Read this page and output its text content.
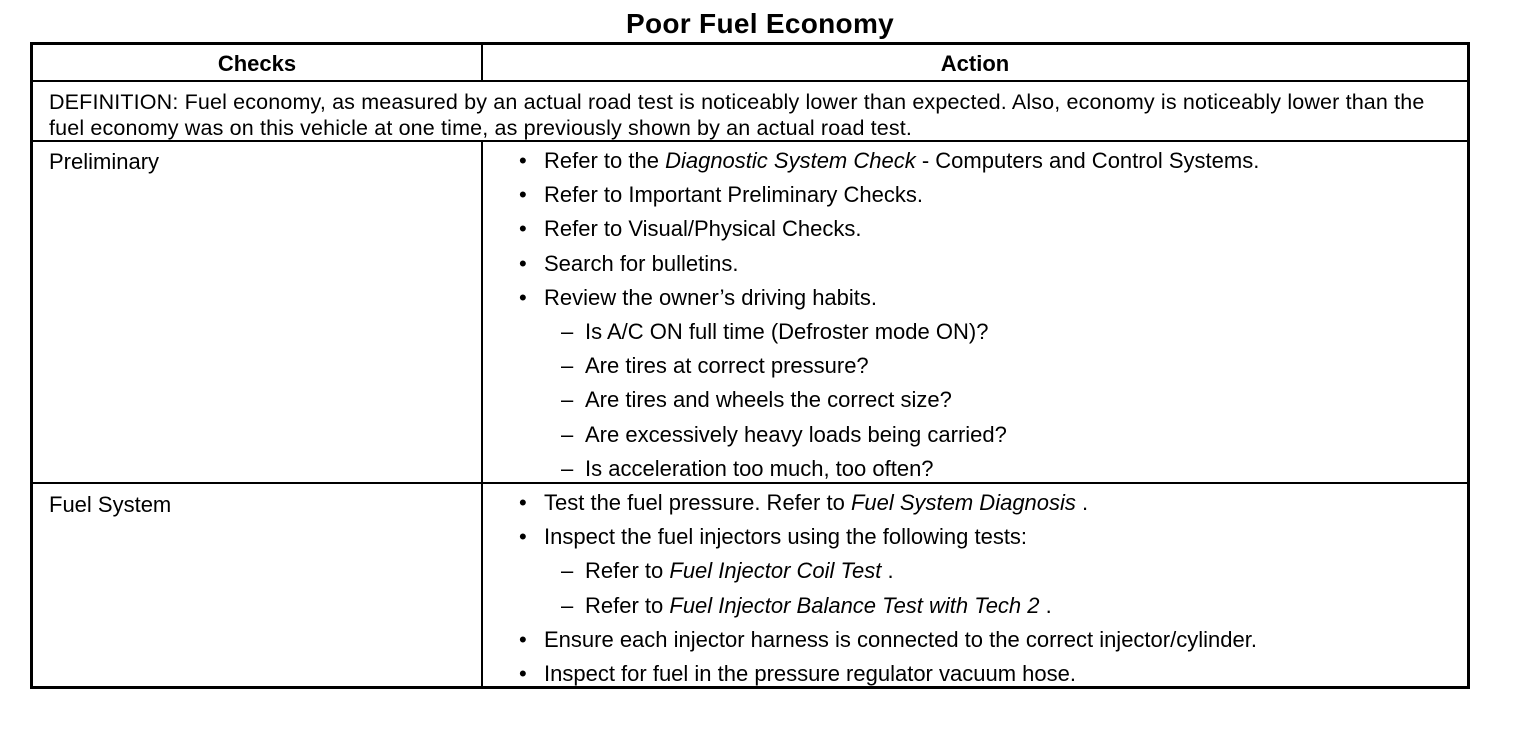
Poor Fuel Economy
Checks	Action
DEFINITION: Fuel economy, as measured by an actual road test is noticeably lower than expected. Also, economy is noticeably lower than the fuel economy was on this vehicle at one time, as previously shown by an actual road test.
Preliminary	• Refer to the Diagnostic System Check - Computers and Control Systems.
• Refer to Important Preliminary Checks.
• Refer to Visual/Physical Checks.
• Search for bulletins.
• Review the owner’s driving habits.
– Is A/C ON full time (Defroster mode ON)?
– Are tires at correct pressure?
– Are tires and wheels the correct size?
– Are excessively heavy loads being carried?
– Is acceleration too much, too often?
Fuel System	• Test the fuel pressure. Refer to Fuel System Diagnosis .
• Inspect the fuel injectors using the following tests:
– Refer to Fuel Injector Coil Test .
– Refer to Fuel Injector Balance Test with Tech 2 .
• Ensure each injector harness is connected to the correct injector/cylinder.
• Inspect for fuel in the pressure regulator vacuum hose.
